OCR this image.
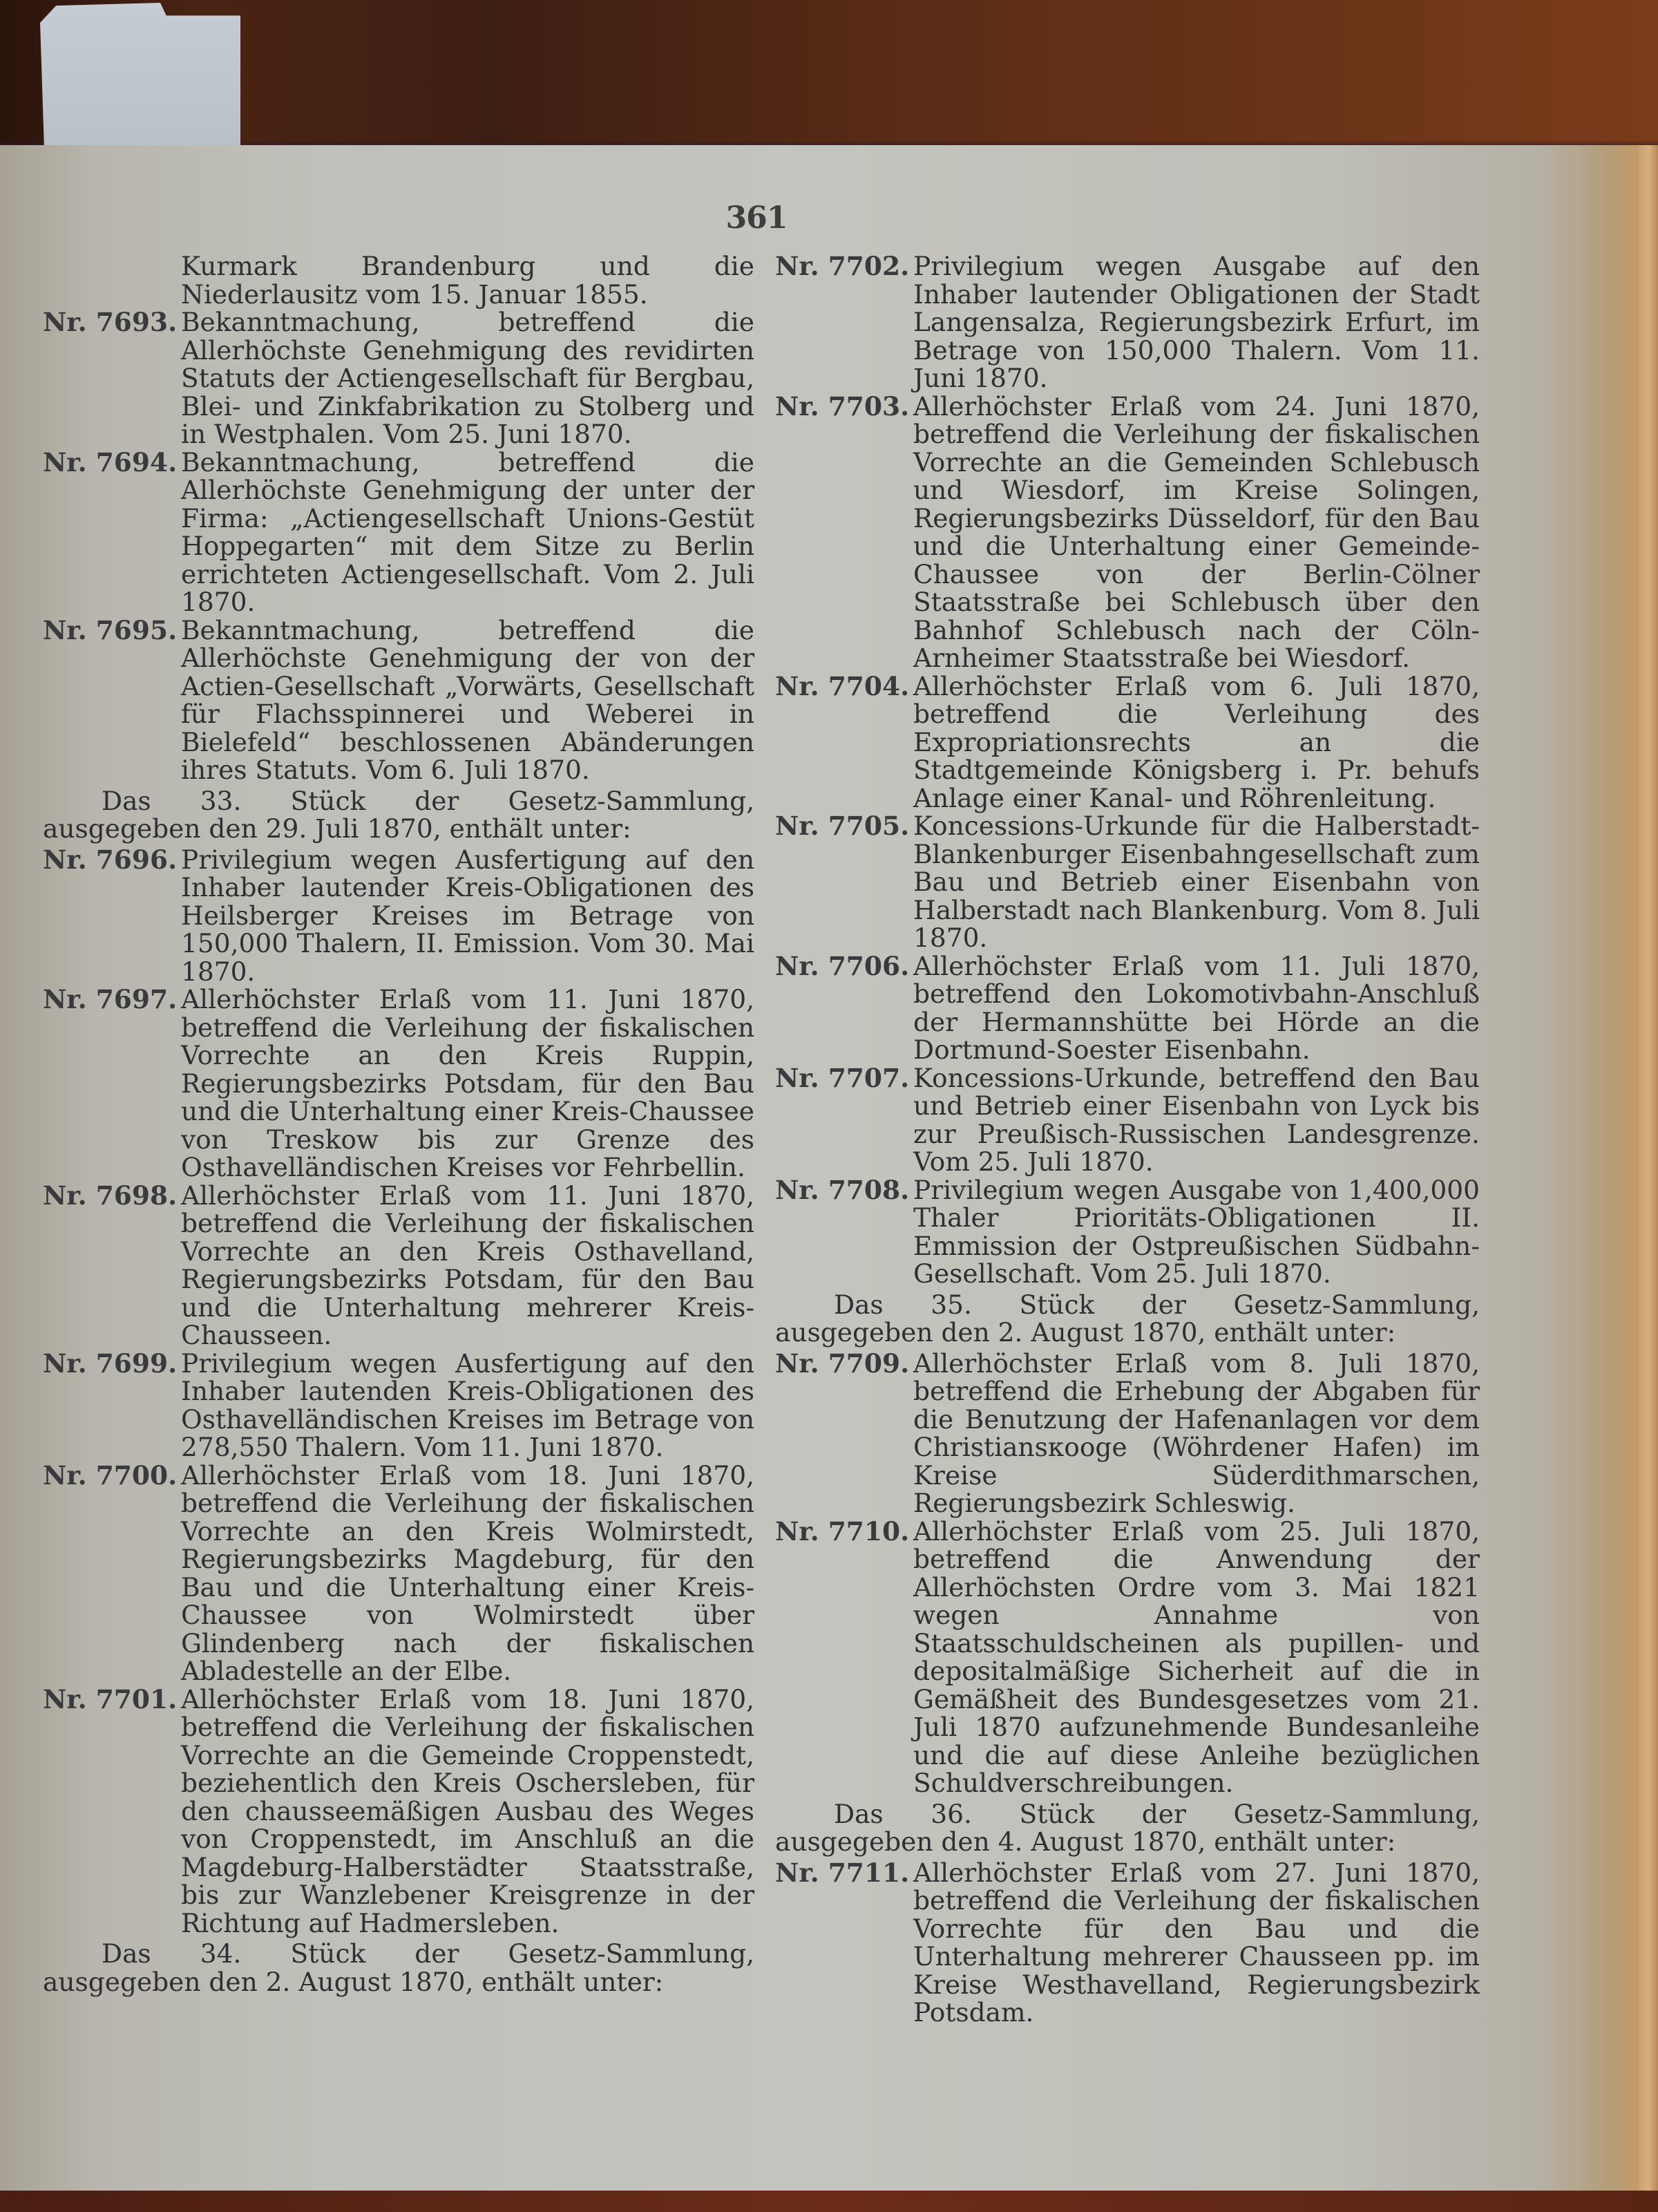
361

Kurmark Brandenburg und die Niederlausitz vom 15. Januar 1855.

Nr. 7693. Bekanntmachung, betreffend die Allerhöchste Genehmigung des revidirten Statuts der Actiengesellschaft für Bergbau, Blei- und Zinkfabrikation zu Stolberg und in Westphalen. Vom 25. Juni 1870.
Nr. 7694. Bekanntmachung, betreffend die Allerhöchste Genehmigung der unter der Firma: „Actiengesellschaft Unions-Gestüt Hoppegarten“ mit dem Sitze zu Berlin errichteten Actiengesellschaft. Vom 2. Juli 1870.
Nr. 7695. Bekanntmachung, betreffend die Allerhöchste Genehmigung der von der Actien-Gesellschaft „Vorwärts, Gesellschaft für Flachsspinnerei und Weberei in Bielefeld“ beschlossenen Abänderungen ihres Statuts. Vom 6. Juli 1870.

Das 33. Stück der Gesetz-Sammlung, ausgegeben den 29. Juli 1870, enthält unter:

Nr. 7696. Privilegium wegen Ausfertigung auf den Inhaber lautender Kreis-Obligationen des Heilsberger Kreises im Betrage von 150,000 Thalern, II. Emission. Vom 30. Mai 1870.
Nr. 7697. Allerhöchster Erlaß vom 11. Juni 1870, betreffend die Verleihung der fiskalischen Vorrechte an den Kreis Ruppin, Regierungsbezirks Potsdam, für den Bau und die Unterhaltung einer Kreis-Chaussee von Treskow bis zur Grenze des Osthavelländischen Kreises vor Fehrbellin.
Nr. 7698. Allerhöchster Erlaß vom 11. Juni 1870, betreffend die Verleihung der fiskalischen Vorrechte an den Kreis Osthavelland, Regierungsbezirks Potsdam, für den Bau und die Unterhaltung mehrerer Kreis-Chausseen.
Nr. 7699. Privilegium wegen Ausfertigung auf den Inhaber lautenden Kreis-Obligationen des Osthavelländischen Kreises im Betrage von 278,550 Thalern. Vom 11. Juni 1870.
Nr. 7700. Allerhöchster Erlaß vom 18. Juni 1870, betreffend die Verleihung der fiskalischen Vorrechte an den Kreis Wolmirstedt, Regierungsbezirks Magdeburg, für den Bau und die Unterhaltung einer Kreis-Chaussee von Wolmirstedt über Glindenberg nach der fiskalischen Abladestelle an der Elbe.
Nr. 7701. Allerhöchster Erlaß vom 18. Juni 1870, betreffend die Verleihung der fiskalischen Vorrechte an die Gemeinde Croppenstedt, beziehentlich den Kreis Oschersleben, für den chausseemäßigen Ausbau des Weges von Croppenstedt, im Anschluß an die Magdeburg-Halberstädter Staatsstraße, bis zur Wanzlebener Kreisgrenze in der Richtung auf Hadmersleben.

Das 34. Stück der Gesetz-Sammlung, ausgegeben den 2. August 1870, enthält unter:

Nr. 7702. Privilegium wegen Ausgabe auf den Inhaber lautender Obligationen der Stadt Langensalza, Regierungsbezirk Erfurt, im Betrage von 150,000 Thalern. Vom 11. Juni 1870.
Nr. 7703. Allerhöchster Erlaß vom 24. Juni 1870, betreffend die Verleihung der fiskalischen Vorrechte an die Gemeinden Schlebusch und Wiesdorf, im Kreise Solingen, Regierungsbezirks Düsseldorf, für den Bau und die Unterhaltung einer Gemeinde-Chaussee von der Berlin-Cölner Staatsstraße bei Schlebusch über den Bahnhof Schlebusch nach der Cöln-Arnheimer Staatsstraße bei Wiesdorf.
Nr. 7704. Allerhöchster Erlaß vom 6. Juli 1870, betreffend die Verleihung des Expropriationsrechts an die Stadtgemeinde Königsberg i. Pr. behufs Anlage einer Kanal- und Röhrenleitung.
Nr. 7705. Koncessions-Urkunde für die Halberstadt-Blankenburger Eisenbahngesellschaft zum Bau und Betrieb einer Eisenbahn von Halberstadt nach Blankenburg. Vom 8. Juli 1870.
Nr. 7706. Allerhöchster Erlaß vom 11. Juli 1870, betreffend den Lokomotivbahn-Anschluß der Hermannshütte bei Hörde an die Dortmund-Soester Eisenbahn.
Nr. 7707. Koncessions-Urkunde, betreffend den Bau und Betrieb einer Eisenbahn von Lyck bis zur Preußisch-Russischen Landesgrenze. Vom 25. Juli 1870.
Nr. 7708. Privilegium wegen Ausgabe von 1,400,000 Thaler Prioritäts-Obligationen II. Emmission der Ostpreußischen Südbahn-Gesellschaft. Vom 25. Juli 1870.

Das 35. Stück der Gesetz-Sammlung, ausgegeben den 2. August 1870, enthält unter:

Nr. 7709. Allerhöchster Erlaß vom 8. Juli 1870, betreffend die Erhebung der Abgaben für die Benutzung der Hafenanlagen vor dem Christiansкooge (Wöhrdener Hafen) im Kreise Süderdithmarschen, Regierungsbezirk Schleswig.
Nr. 7710. Allerhöchster Erlaß vom 25. Juli 1870, betreffend die Anwendung der Allerhöchsten Ordre vom 3. Mai 1821 wegen Annahme von Staatsschuldscheinen als pupillen- und depositalmäßige Sicherheit auf die in Gemäßheit des Bundesgesetzes vom 21. Juli 1870 aufzunehmende Bundesanleihe und die auf diese Anleihe bezüglichen Schuldverschreibungen.

Das 36. Stück der Gesetz-Sammlung, ausgegeben den 4. August 1870, enthält unter:

Nr. 7711. Allerhöchster Erlaß vom 27. Juni 1870, betreffend die Verleihung der fiskalischen Vorrechte für den Bau und die Unterhaltung mehrerer Chausseen pp. im Kreise Westhavelland, Regierungsbezirk Potsdam.
